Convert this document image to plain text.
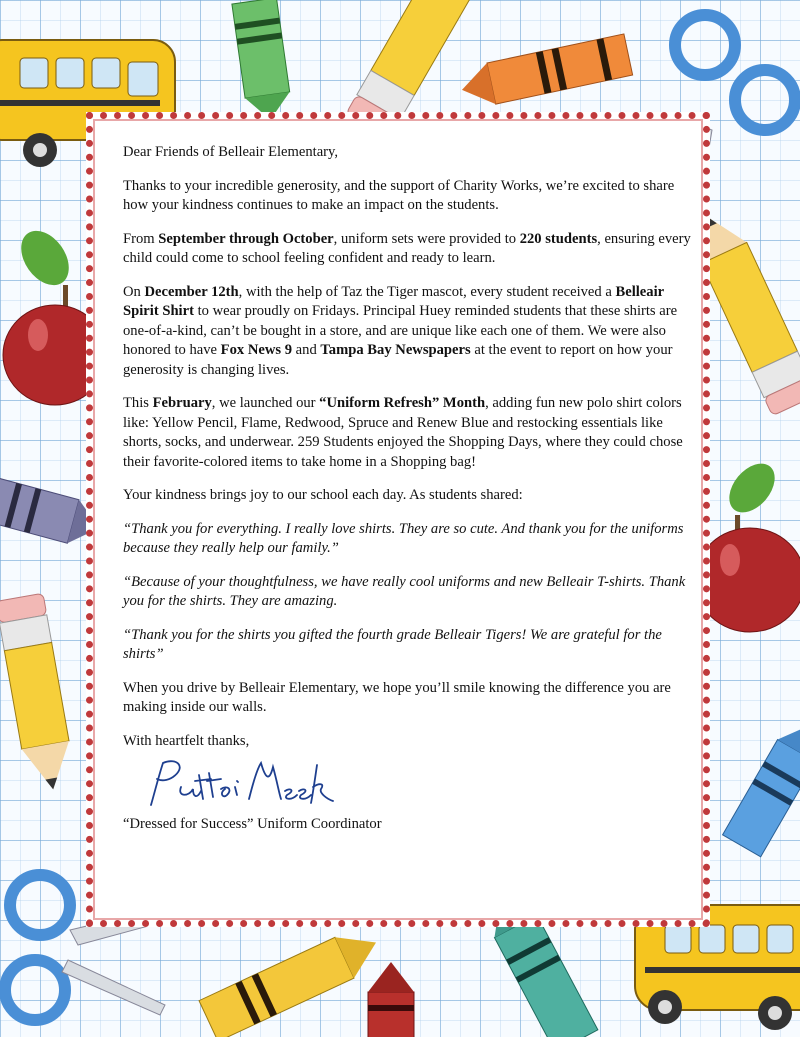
Dear Friends of Belleair Elementary,

Thanks to your incredible generosity, and the support of Charity Works, we’re excited to share how your kindness continues to make an impact on the students.

From September through October, uniform sets were provided to 220 students, ensuring every child could come to school feeling confident and ready to learn.

On December 12th, with the help of Taz the Tiger mascot, every student received a Belleair Spirit Shirt to wear proudly on Fridays. Principal Huey reminded students that these shirts are one-of-a-kind, can’t be bought in a store, and are unique like each one of them. We were also honored to have Fox News 9 and Tampa Bay Newspapers at the event to report on how your generosity is changing lives.

This February, we launched our “Uniform Refresh” Month, adding fun new polo shirt colors like: Yellow Pencil, Flame, Redwood, Spruce and Renew Blue and restocking essentials like shorts, socks, and underwear. 259 Students enjoyed the Shopping Days, where they could chose their favorite-colored items to take home in a Shopping bag!

Your kindness brings joy to our school each day. As students shared:

“Thank you for everything. I really love shirts. They are so cute. And thank you for the uniforms because they really help our family.”

“Because of your thoughtfulness, we have really cool uniforms and new Belleair T-shirts. Thank you for the shirts. They are amazing.

“Thank you for the shirts you gifted the fourth grade Belleair Tigers! We are grateful for the shirts”

When you drive by Belleair Elementary, we hope you’ll smile knowing the difference you are making inside our walls.

With heartfelt thanks,

“Dressed for Success” Uniform Coordinator
